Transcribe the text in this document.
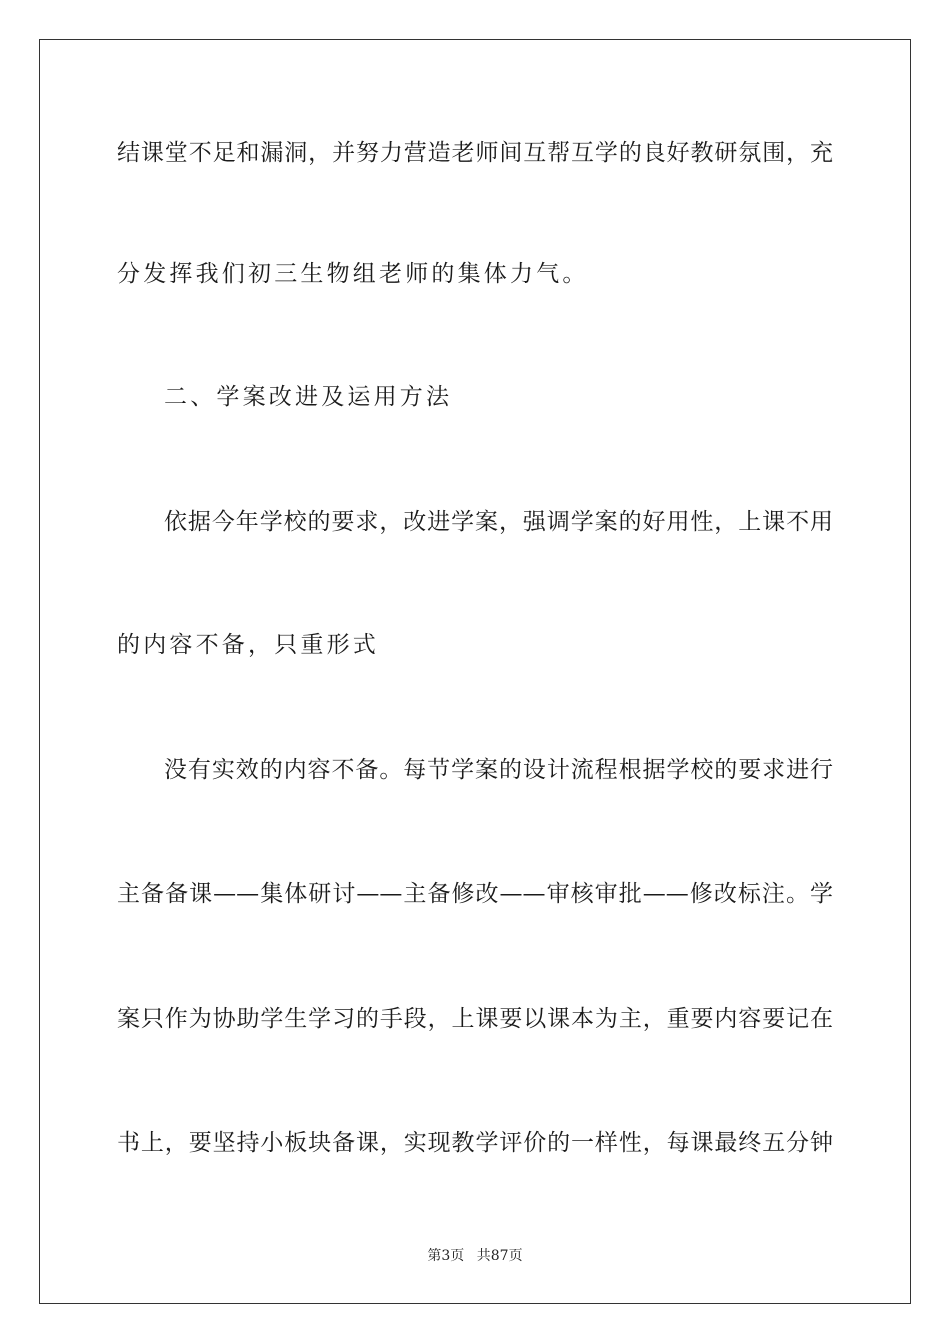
结课堂不足和漏洞，并努力营造老师间互帮互学的良好教研氛围，充
分发挥我们初三生物组老师的集体力气。
二、学案改进及运用方法
依据今年学校的要求，改进学案，强调学案的好用性，上课不用
的内容不备，只重形式
没有实效的内容不备。每节学案的设计流程根据学校的要求进行
主备备课——集体研讨——主备修改——审核审批——修改标注。学
案只作为协助学生学习的手段，上课要以课本为主，重要内容要记在
书上，要坚持小板块备课，实现教学评价的一样性，每课最终五分钟
第3页 共87页
